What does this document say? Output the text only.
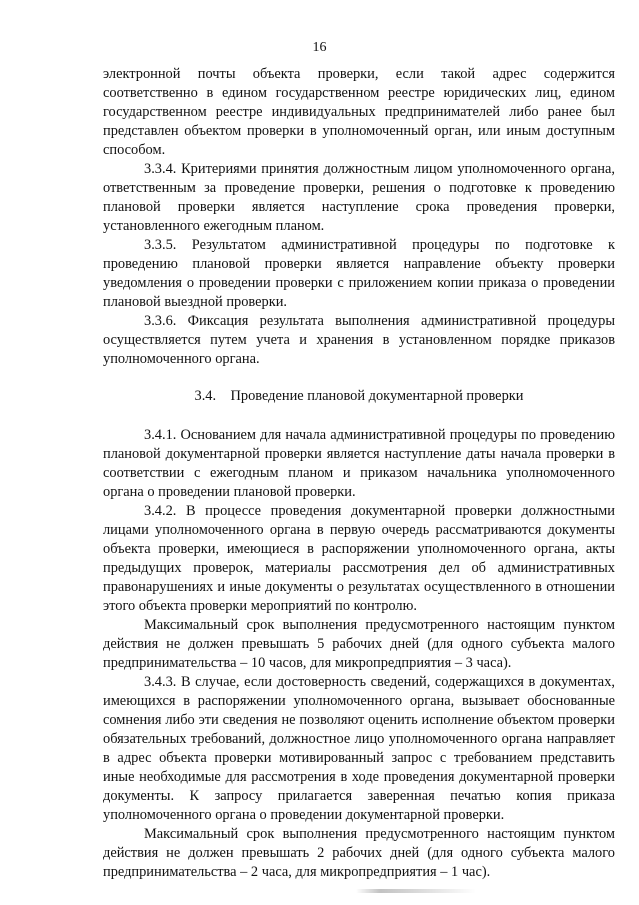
16

электронной почты объекта проверки, если такой адрес содержится соответственно в едином государственном реестре юридических лиц, едином государственном реестре индивидуальных предпринимателей либо ранее был представлен объектом проверки в уполномоченный орган, или иным доступным способом.

3.3.4. Критериями принятия должностным лицом уполномоченного органа, ответственным за проведение проверки, решения о подготовке к проведению плановой проверки является наступление срока проведения проверки, установленного ежегодным планом.

3.3.5. Результатом административной процедуры по подготовке к проведению плановой проверки является направление объекту проверки уведомления о проведении проверки с приложением копии приказа о проведении плановой выездной проверки.

3.3.6. Фиксация результата выполнения административной процедуры осуществляется путем учета и хранения в установленном порядке приказов уполномоченного органа.

3.4.    Проведение плановой документарной проверки

3.4.1. Основанием для начала административной процедуры по проведению плановой документарной проверки является наступление даты начала проверки в соответствии с ежегодным планом и приказом начальника уполномоченного органа о проведении плановой проверки.

3.4.2. В процессе проведения документарной проверки должностными лицами уполномоченного органа в первую очередь рассматриваются документы объекта проверки, имеющиеся в распоряжении уполномоченного органа, акты предыдущих проверок, материалы рассмотрения дел об административных правонарушениях и иные документы о результатах осуществленного в отношении этого объекта проверки мероприятий по контролю.

Максимальный срок выполнения предусмотренного настоящим пунктом действия не должен превышать 5 рабочих дней (для одного субъекта малого предпринимательства – 10 часов, для микропредприятия – 3 часа).

3.4.3. В случае, если достоверность сведений, содержащихся в документах, имеющихся в распоряжении уполномоченного органа, вызывает обоснованные сомнения либо эти сведения не позволяют оценить исполнение объектом проверки обязательных требований, должностное лицо уполномоченного органа направляет в адрес объекта проверки мотивированный запрос с требованием представить иные необходимые для рассмотрения в ходе проведения документарной проверки документы. К запросу прилагается заверенная печатью копия приказа уполномоченного органа о проведении документарной проверки.

Максимальный срок выполнения предусмотренного настоящим пунктом действия не должен превышать 2 рабочих дней (для одного субъекта малого предпринимательства – 2 часа, для микропредприятия – 1 час).
